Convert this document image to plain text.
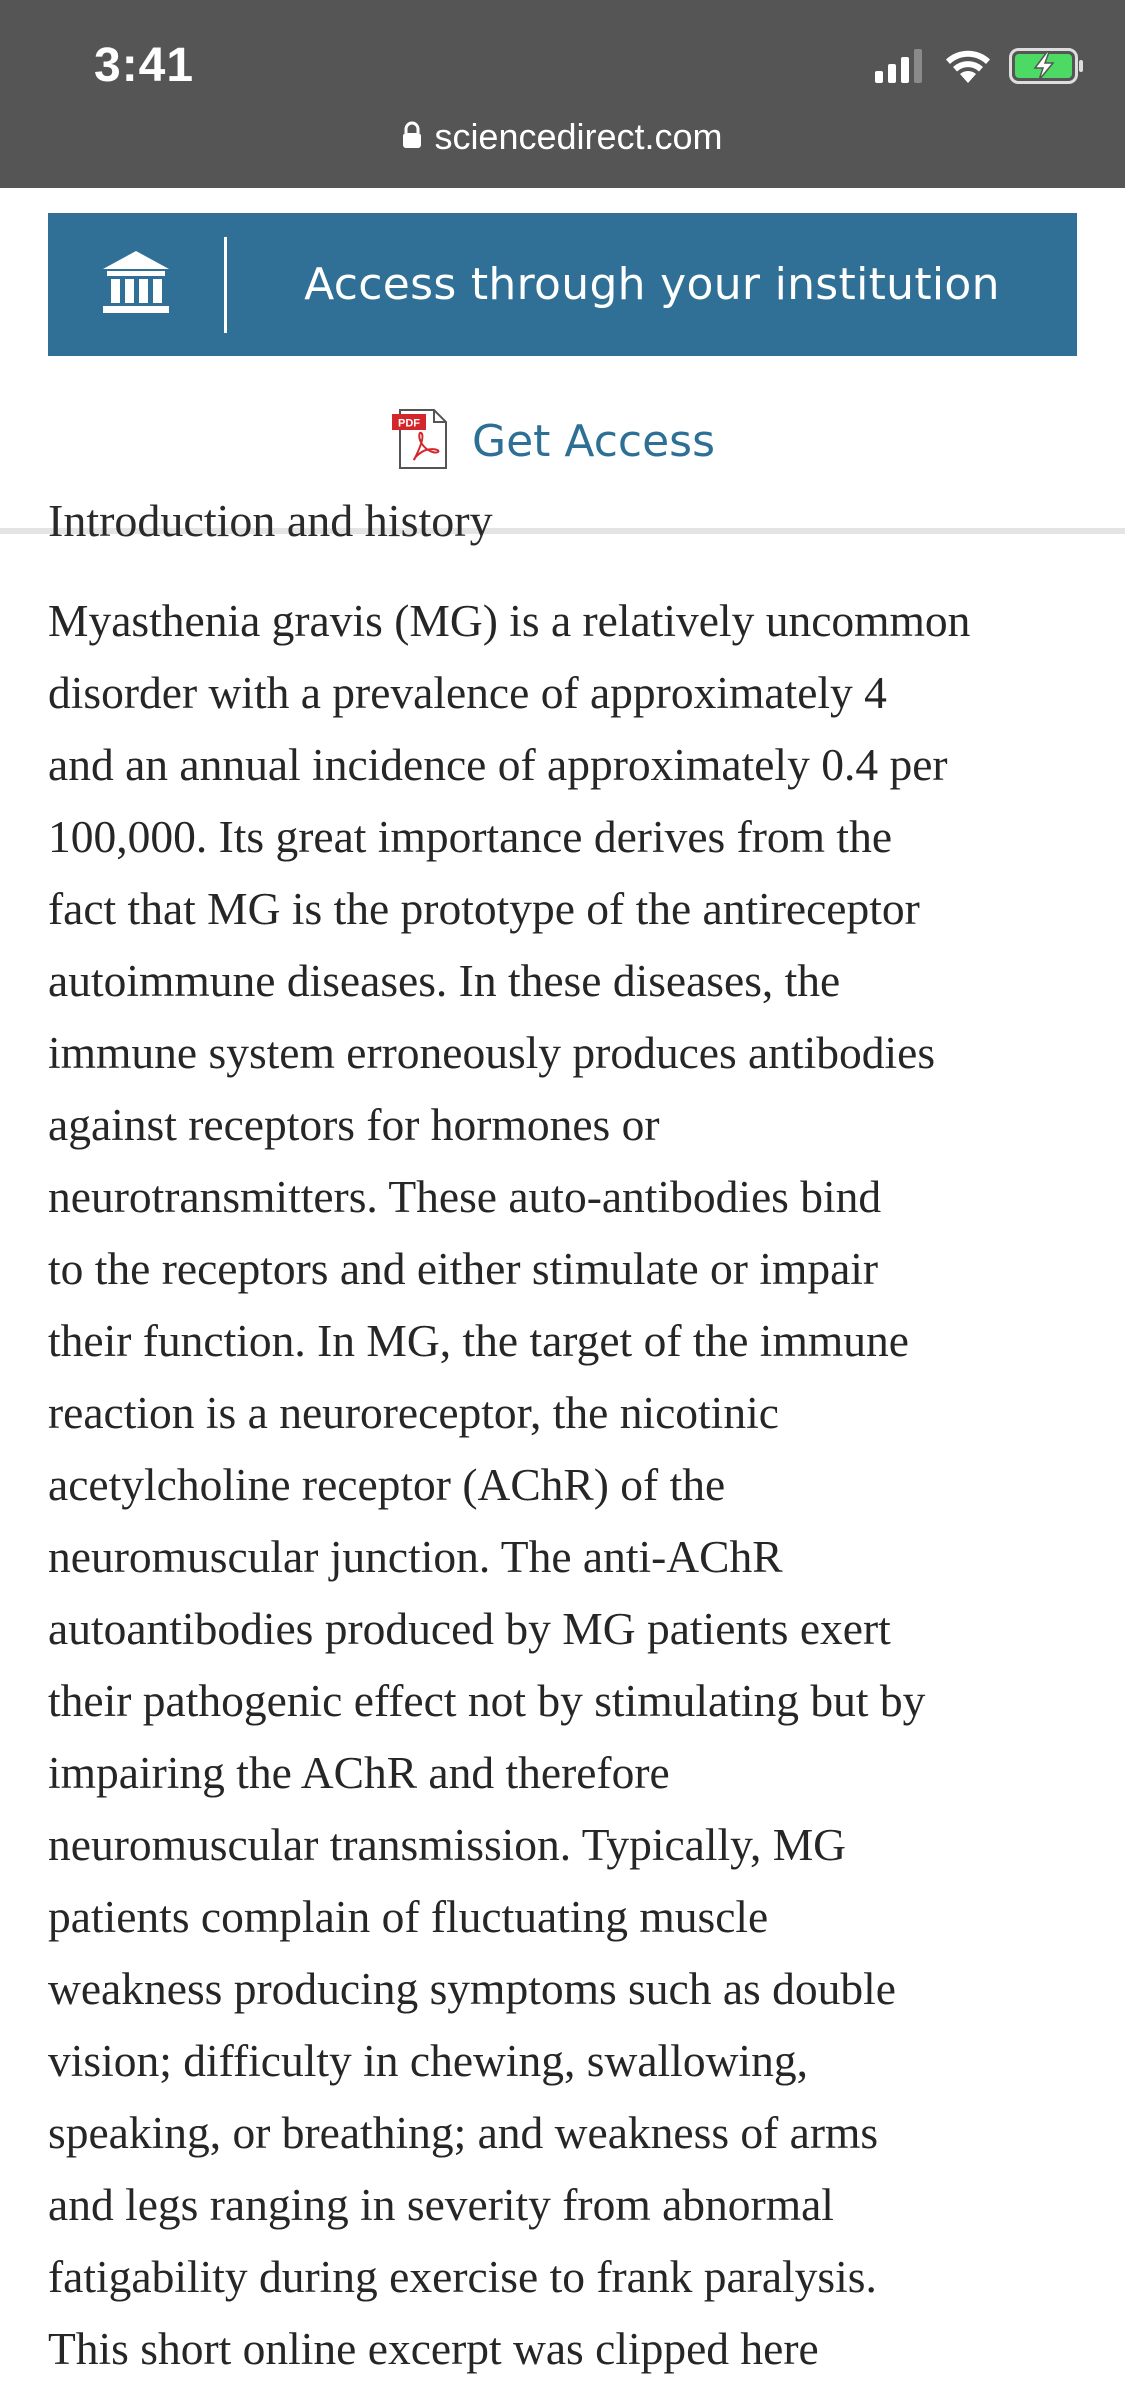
3:41
sciencedirect.com
Access through your institution
PDF Get Access
Introduction and history

Myasthenia gravis (MG) is a relatively uncommon
disorder with a prevalence of approximately 4
and an annual incidence of approximately 0.4 per
100,000. Its great importance derives from the
fact that MG is the prototype of the antireceptor
autoimmune diseases. In these diseases, the
immune system erroneously produces antibodies
against receptors for hormones or
neurotransmitters. These auto-antibodies bind
to the receptors and either stimulate or impair
their function. In MG, the target of the immune
reaction is a neuroreceptor, the nicotinic
acetylcholine receptor (AChR) of the
neuromuscular junction. The anti-AChR
autoantibodies produced by MG patients exert
their pathogenic effect not by stimulating but by
impairing the AChR and therefore
neuromuscular transmission. Typically, MG
patients complain of fluctuating muscle
weakness producing symptoms such as double
vision; difficulty in chewing, swallowing,
speaking, or breathing; and weakness of arms
and legs ranging in severity from abnormal
fatigability during exercise to frank paralysis.
This short online excerpt was clipped here
